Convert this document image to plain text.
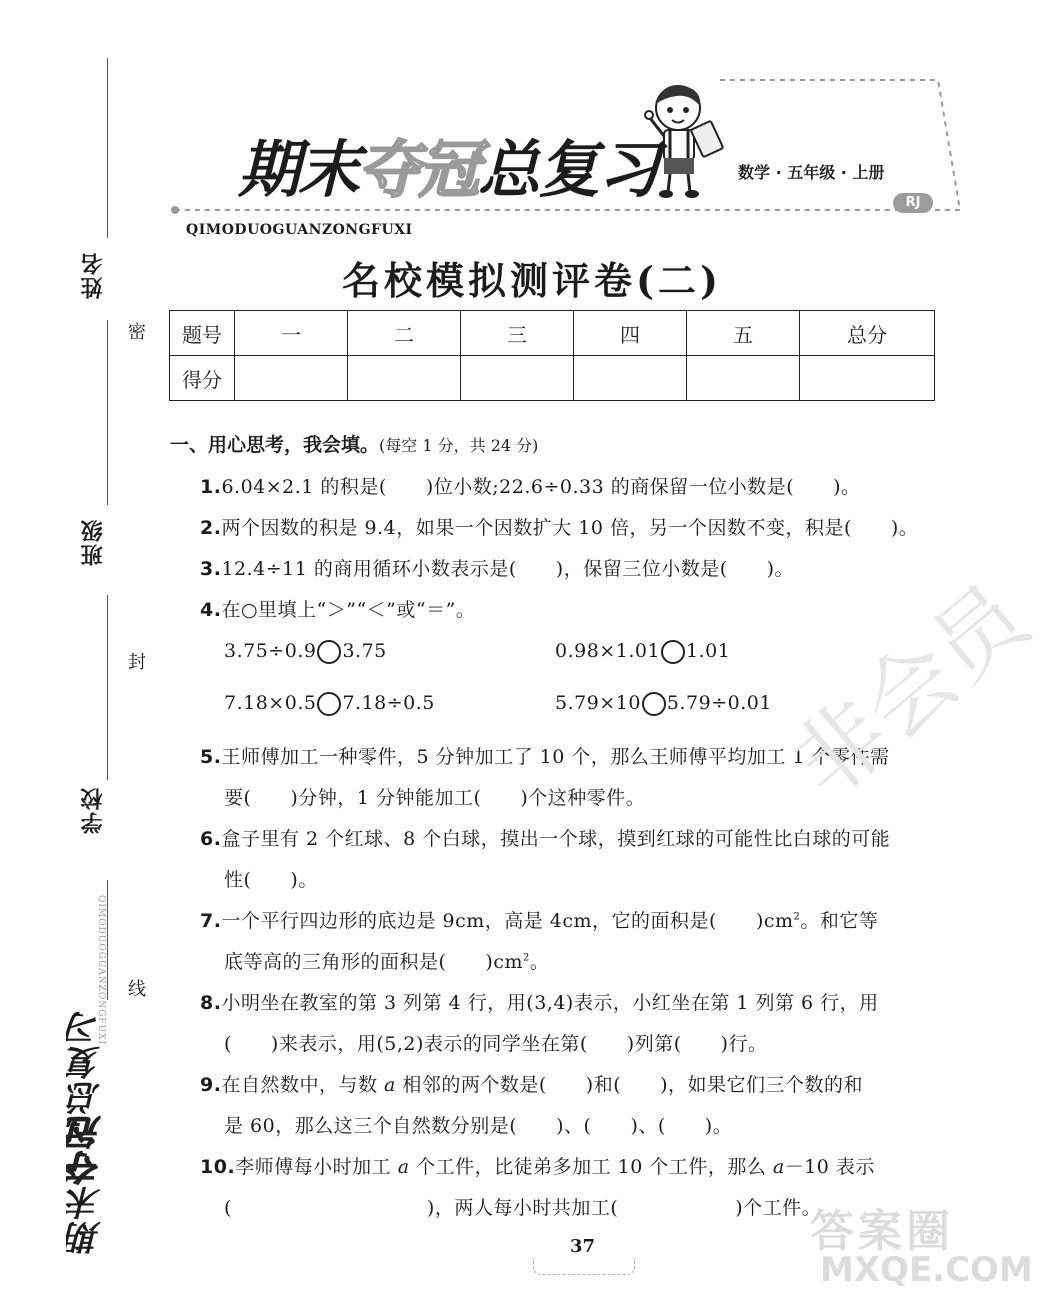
姓名
班级
学校
密
封
线
QIMODUOGUANZONGFUXI
期末夺冠总复习
期末夺冠总复习
QIMODUOGUANZONGFUXI
数学 · 五年级 · 上册
RJ
名校模拟测评卷(二)
题号	一	二	三	四	五	总分
得分						
一、用心思考，我会填。(每空 1 分，共 24 分)
1.6.04×2.1 的积是(　　)位小数;22.6÷0.33 的商保留一位小数是(　　)。
2.两个因数的积是 9.4，如果一个因数扩大 10 倍，另一个因数不变，积是(　　)。
3.12.4÷11 的商用循环小数表示是(　　)，保留三位小数是(　　)。
4.在○里填上“＞”“＜”或“＝”。
3.75÷0.9 3.75	0.98×1.01 1.01
7.18×0.5 7.18÷0.5	5.79×10 5.79÷0.01
5.王师傅加工一种零件，5 分钟加工了 10 个，那么王师傅平均加工 1 个零件需
要(　　)分钟，1 分钟能加工(　　)个这种零件。
6.盒子里有 2 个红球、8 个白球，摸出一个球，摸到红球的可能性比白球的可能
性(　　)。
7.一个平行四边形的底边是 9cm，高是 4cm，它的面积是(　　)$cm^2$。和它等
底等高的三角形的面积是(　　)$cm^2$。
8.小明坐在教室的第 3 列第 4 行，用(3,4)表示，小红坐在第 1 列第 6 行，用
(　　)来表示，用(5,2)表示的同学坐在第(　　)列第(　　)行。
9.在自然数中，与数 a 相邻的两个数是(　　)和(　　)，如果它们三个数的和
是 60，那么这三个自然数分别是(　　)、(　　)、(　　)。
10.李师傅每小时加工 a 个工件，比徒弟多加工 10 个工件，那么 a－10 表示
(　　　　　　　　　　)，两人每小时共加工(　　　　　　)个工件。
非会员
37	答案圈
MXQE.COM
